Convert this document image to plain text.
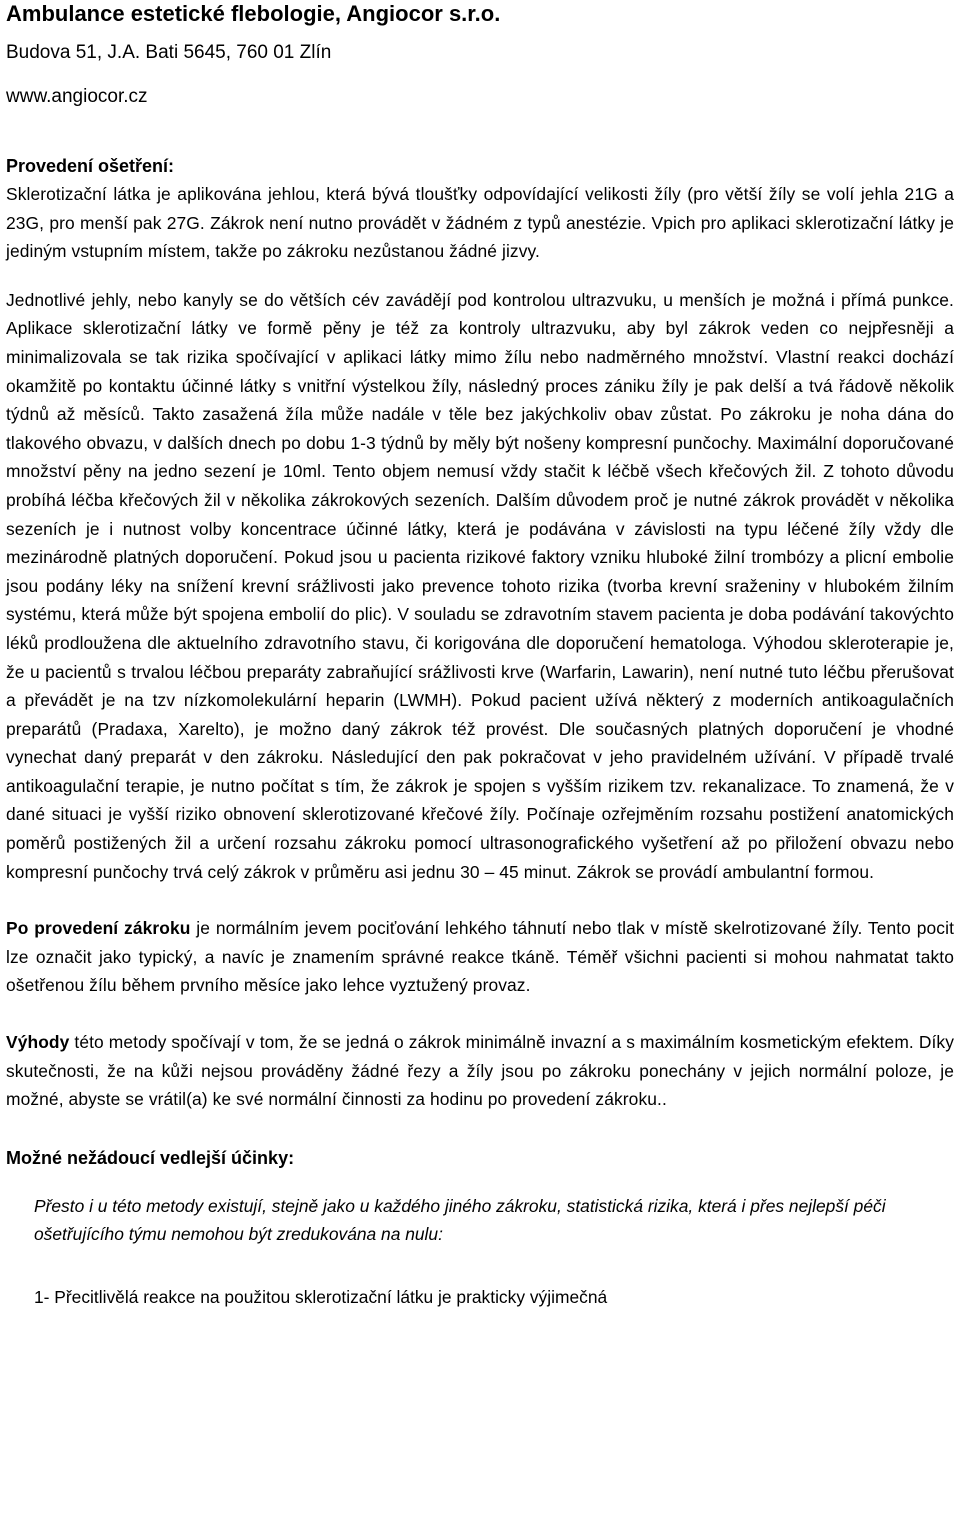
Ambulance estetické flebologie, Angiocor s.r.o.
Budova 51, J.A. Bati 5645, 760 01 Zlín
www.angiocor.cz
Provedení ošetření:

Sklerotizační látka je aplikována jehlou, která bývá tloušťky odpovídající velikosti žíly (pro větší žíly se volí jehla 21G a 23G, pro menší pak 27G. Zákrok není nutno provádět v žádném z typů anestézie. Vpich pro aplikaci sklerotizační látky je jediným vstupním místem, takže po zákroku nezůstanou žádné jizvy.

Jednotlivé jehly, nebo kanyly se do větších cév zavádějí pod kontrolou ultrazvuku, u menších je možná i přímá punkce. Aplikace sklerotizační látky ve formě pěny je též za kontroly ultrazvuku, aby byl zákrok veden co nejpřesněji a minimalizovala se tak rizika spočívající v aplikaci látky mimo žílu nebo nadměrného množství. Vlastní reakci dochází okamžitě po kontaktu účinné látky s vnitřní výstelkou žíly, následný proces zániku žíly je pak delší a tvá řádově několik týdnů až měsíců. Takto zasažená žíla může nadále v těle bez jakýchkoliv obav zůstat. Po zákroku je noha dána do tlakového obvazu, v dalších dnech po dobu 1-3 týdnů by měly být nošeny kompresní punčochy. Maximální doporučované množství pěny na jedno sezení je 10ml. Tento objem nemusí vždy stačit k léčbě všech křečových žil. Z tohoto důvodu probíhá léčba křečových žil v několika zákrokových sezeních. Dalším důvodem proč je nutné zákrok provádět v několika sezeních je i nutnost volby koncentrace účinné látky, která je podávána v závislosti na typu léčené žíly vždy dle mezinárodně platných doporučení. Pokud jsou u pacienta rizikové faktory vzniku hluboké žilní trombózy a plicní embolie jsou podány léky na snížení krevní srážlivosti jako prevence tohoto rizika (tvorba krevní sraženiny v hlubokém žilním systému, která může být spojena embolií do plic). V souladu se zdravotním stavem pacienta je doba podávání takovýchto léků prodloužena dle aktuelního zdravotního stavu, či korigována dle doporučení hematologa. Výhodou skleroterapie je, že u pacientů s trvalou léčbou preparáty zabraňující srážlivosti krve (Warfarin, Lawarin), není nutné tuto léčbu přerušovat a převádět je na tzv nízkomolekulární heparin (LWMH). Pokud pacient užívá některý z moderních antikoagulačních preparátů (Pradaxa, Xarelto), je možno daný zákrok též provést. Dle současných platných doporučení je vhodné vynechat daný preparát v den zákroku. Následující den pak pokračovat v jeho pravidelném užívání. V případě trvalé antikoagulační terapie, je nutno počítat s tím, že zákrok je spojen s vyšším rizikem tzv. rekanalizace. To znamená, že v dané situaci je vyšší riziko obnovení sklerotizované křečové žíly. Počínaje ozřejměním rozsahu postižení anatomických poměrů postižených žil a určení rozsahu zákroku pomocí ultrasonografického vyšetření až po přiložení obvazu nebo kompresní punčochy trvá celý zákrok v průměru asi jednu 30 – 45 minut. Zákrok se provádí ambulantní formou.

Po provedení zákroku je normálním jevem pociťování lehkého táhnutí nebo tlak v místě skelrotizované žíly. Tento pocit lze označit jako typický, a navíc je znamením správné reakce tkáně. Téměř všichni pacienti si mohou nahmatat takto ošetřenou žílu během prvního měsíce jako lehce vyztužený provaz.

Výhody této metody spočívají v tom, že se jedná o zákrok minimálně invazní a s maximálním kosmetickým efektem. Díky skutečnosti, že na kůži nejsou prováděny žádné řezy a žíly jsou po zákroku ponechány v jejich normální poloze, je možné, abyste se vrátil(a) ke své normální činnosti za hodinu po provedení zákroku..

Možné nežádoucí vedlejší účinky:

Přesto i u této metody existují, stejně jako u každého jiného zákroku, statistická rizika, která i přes nejlepší péči ošetřujícího týmu nemohou být zredukována na nulu:

1- Přecitlivělá reakce na použitou sklerotizační látku je prakticky výjimečná
